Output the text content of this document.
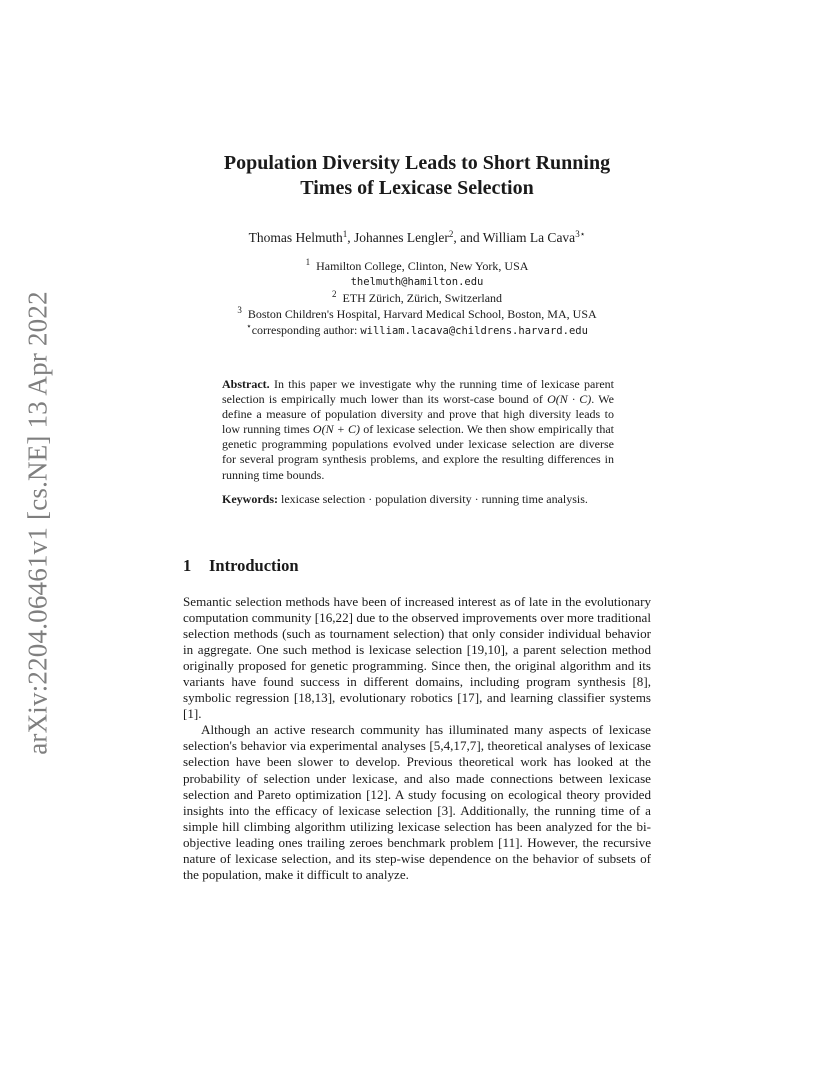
arXiv:2204.06461v1 [cs.NE] 13 Apr 2022
Population Diversity Leads to Short Running
Times of Lexicase Selection
Thomas Helmuth$^1$, Johannes Lengler$^2$, and William La Cava$^{3⋆}$
$^1$ Hamilton College, Clinton, New York, USA
thelmuth@hamilton.edu
$^2$ ETH Zürich, Zürich, Switzerland
$^3$ Boston Children's Hospital, Harvard Medical School, Boston, MA, USA
⋆corresponding author: william.lacava@childrens.harvard.edu

Abstract. In this paper we investigate why the running time of lexicase parent selection is empirically much lower than its worst-case bound of O(N · C). We define a measure of population diversity and prove that high diversity leads to low running times O(N + C) of lexicase selection. We then show empirically that genetic programming populations evolved under lexicase selection are diverse for several program synthesis problems, and explore the resulting differences in running time bounds.

Keywords: lexicase selection · population diversity · running time analysis.

1 Introduction

Semantic selection methods have been of increased interest as of late in the evolutionary computation community [16,22] due to the observed improvements over more traditional selection methods (such as tournament selection) that only consider individual behavior in aggregate. One such method is lexicase selection [19,10], a parent selection method originally proposed for genetic programming. Since then, the original algorithm and its variants have found success in different domains, including program synthesis [8], symbolic regression [18,13], evolutionary robotics [17], and learning classifier systems [1].

Although an active research community has illuminated many aspects of lexicase selection's behavior via experimental analyses [5,4,17,7], theoretical analyses of lexicase selection have been slower to develop. Previous theoretical work has looked at the probability of selection under lexicase, and also made connections between lexicase selection and Pareto optimization [12]. A study focusing on ecological theory provided insights into the efficacy of lexicase selection [3]. Additionally, the running time of a simple hill climbing algorithm utilizing lexicase selection has been analyzed for the bi-objective leading ones trailing zeroes benchmark problem [11]. However, the recursive nature of lexicase selection, and its step-wise dependence on the behavior of subsets of the population, make it difficult to analyze.
